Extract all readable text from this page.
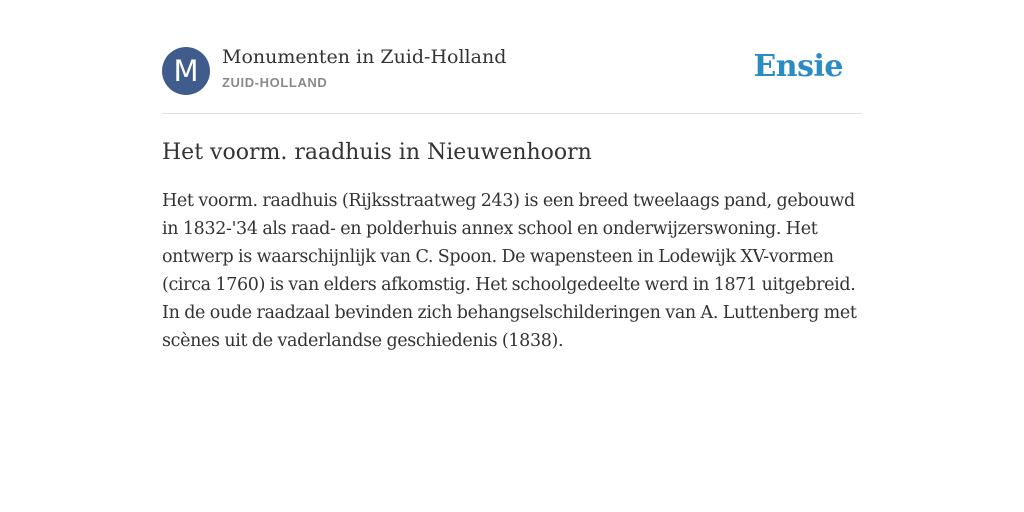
M	Monumenten in Zuid-Holland
ZUID-HOLLAND	Ensie
Het voorm. raadhuis in Nieuwenhoorn

Het voorm. raadhuis (Rijksstraatweg 243) is een breed tweelaags pand, gebouwd in 1832-'34 als raad- en polderhuis annex school en onderwijzerswoning. Het ontwerp is waarschijnlijk van C. Spoon. De wapensteen in Lodewijk XV-vormen (circa 1760) is van elders afkomstig. Het schoolgedeelte werd in 1871 uitgebreid. In de oude raadzaal bevinden zich behangselschilderingen van A. Luttenberg met scènes uit de vaderlandse geschiedenis (1838).
